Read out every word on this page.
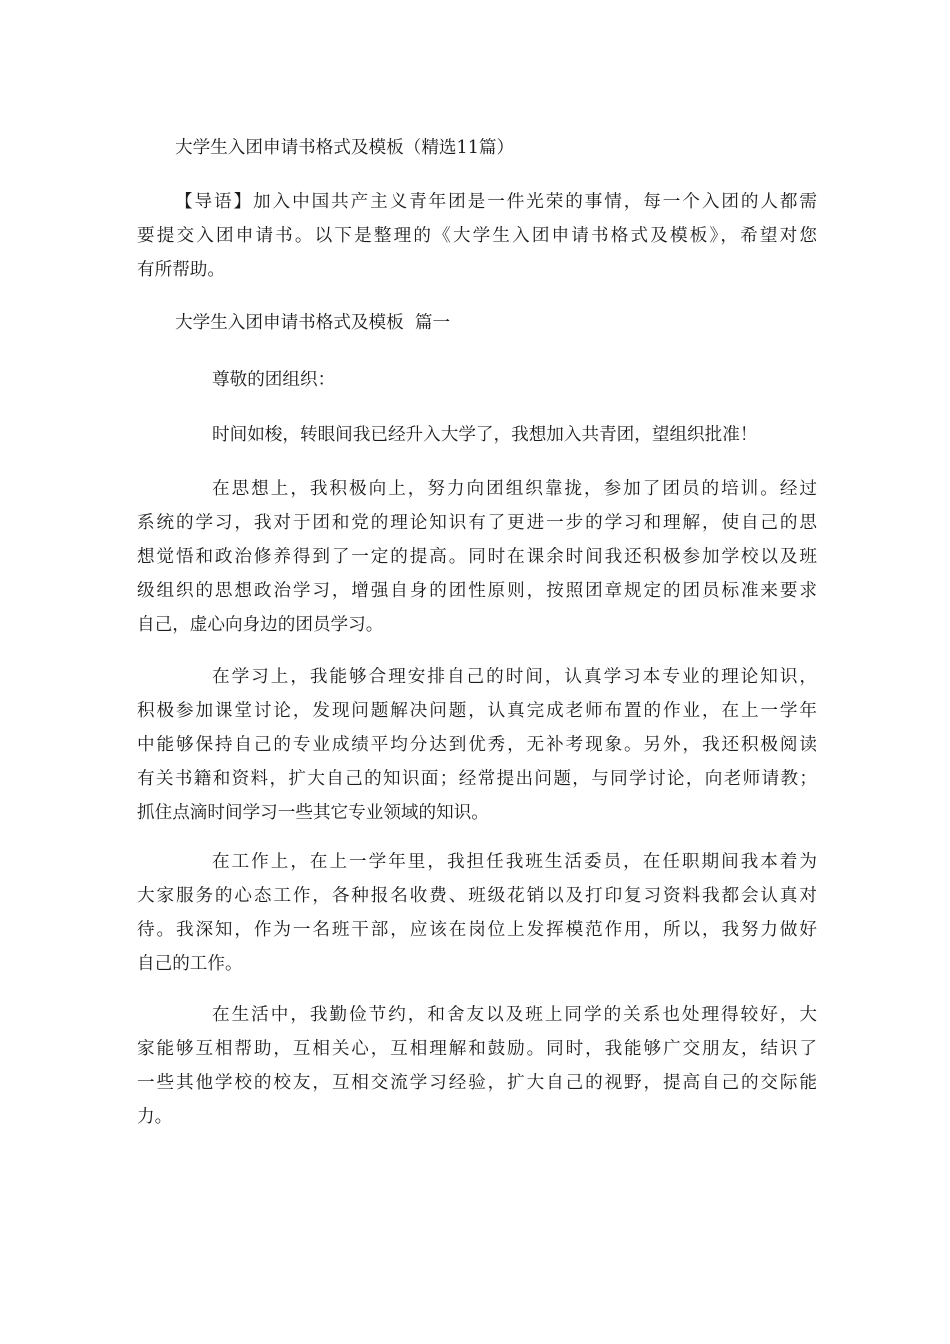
大学生入团申请书格式及模板（精选11篇）

【导语】加入中国共产主义青年团是一件光荣的事情，每一个入团的人都需
要提交入团申请书。以下是整理的《大学生入团申请书格式及模板》，希望对您
有所帮助。

大学生入团申请书格式及模板  篇一

尊敬的团组织：

时间如梭，转眼间我已经升入大学了，我想加入共青团，望组织批准！

在思想上，我积极向上，努力向团组织靠拢，参加了团员的培训。经过
系统的学习，我对于团和党的理论知识有了更进一步的学习和理解，使自己的思
想觉悟和政治修养得到了一定的提高。同时在课余时间我还积极参加学校以及班
级组织的思想政治学习，增强自身的团性原则，按照团章规定的团员标准来要求
自己，虚心向身边的团员学习。

在学习上，我能够合理安排自己的时间，认真学习本专业的理论知识，
积极参加课堂讨论，发现问题解决问题，认真完成老师布置的作业，在上一学年
中能够保持自己的专业成绩平均分达到优秀，无补考现象。另外，我还积极阅读
有关书籍和资料，扩大自己的知识面；经常提出问题，与同学讨论，向老师请教；
抓住点滴时间学习一些其它专业领域的知识。

在工作上，在上一学年里，我担任我班生活委员，在任职期间我本着为
大家服务的心态工作，各种报名收费、班级花销以及打印复习资料我都会认真对
待。我深知，作为一名班干部，应该在岗位上发挥模范作用，所以，我努力做好
自己的工作。

在生活中，我勤俭节约，和舍友以及班上同学的关系也处理得较好，大
家能够互相帮助，互相关心，互相理解和鼓励。同时，我能够广交朋友，结识了
一些其他学校的校友，互相交流学习经验，扩大自己的视野，提高自己的交际能
力。
